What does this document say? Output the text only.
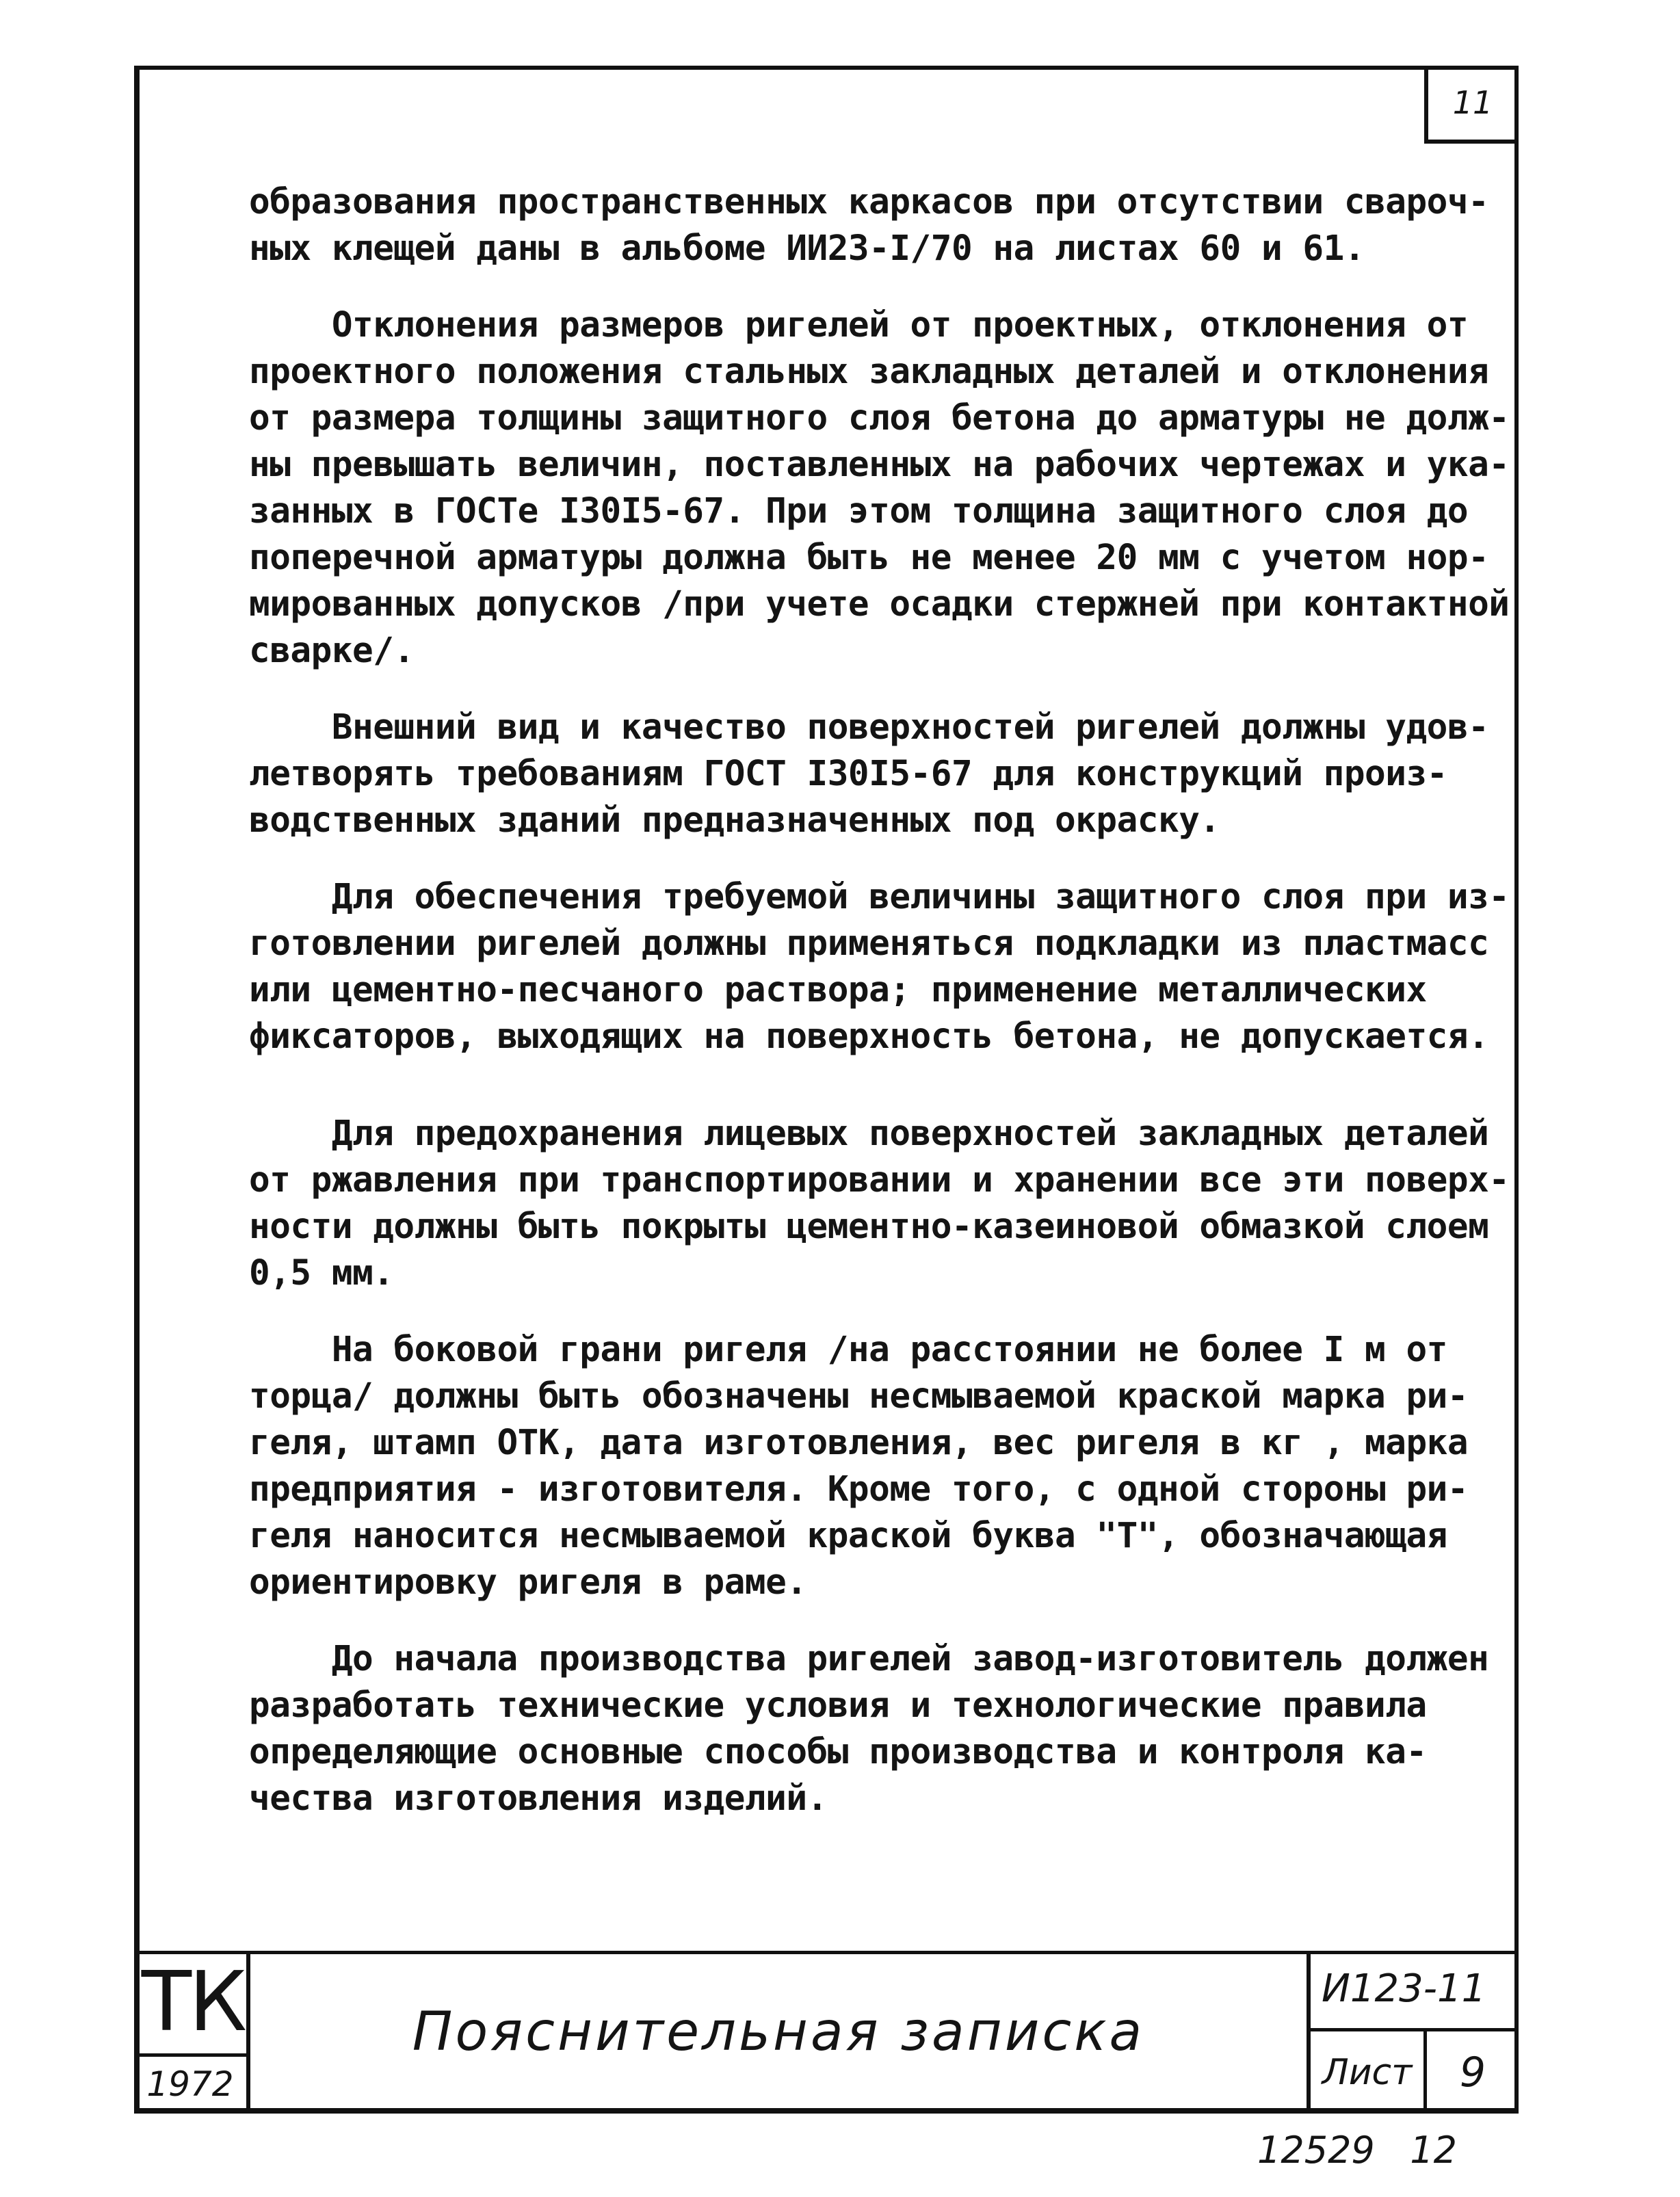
11

образования пространственных каркасов при отсутствии свароч-
ных клещей даны в альбоме ИИ23-I/70 на листах 60 и 61.

Отклонения размеров ригелей от проектных, отклонения от
проектного положения стальных закладных деталей и отклонения
от размера толщины защитного слоя бетона до арматуры не долж-
ны превышать величин, поставленных на рабочих чертежах и ука-
занных в ГОСТе I30I5-67. При этом толщина защитного слоя до
поперечной арматуры должна быть не менее 20 мм с учетом нор-
мированных допусков /при учете осадки стержней при контактной
сварке/.

Внешний вид и качество поверхностей ригелей должны удов-
летворять требованиям ГОСТ I30I5-67 для конструкций произ-
водственных зданий предназначенных под окраску.

Для обеспечения требуемой величины защитного слоя при из-
готовлении ригелей должны применяться подкладки из пластмасс
или цементно-песчаного раствора; применение металлических
фиксаторов, выходящих на поверхность бетона, не допускается.

Для предохранения лицевых поверхностей закладных деталей
от ржавления при транспортировании и хранении все эти поверх-
ности должны быть покрыты цементно-казеиновой обмазкой слоем
0,5 мм.

На боковой грани ригеля /на расстоянии не более I м от
торца/ должны быть обозначены несмываемой краской марка ри-
геля, штамп ОТК, дата изготовления, вес ригеля в кг , марка
предприятия - изготовителя. Кроме того, с одной стороны ри-
геля наносится несмываемой краской буква "Т", обозначающая
ориентировку ригеля в раме.

До начала производства ригелей завод-изготовитель должен
разработать технические условия и технологические правила
определяющие основные способы производства и контроля ка-
чества изготовления изделий.

ТК
1972
Пояснительная записка
И123-11
Лист	9
12529 12
